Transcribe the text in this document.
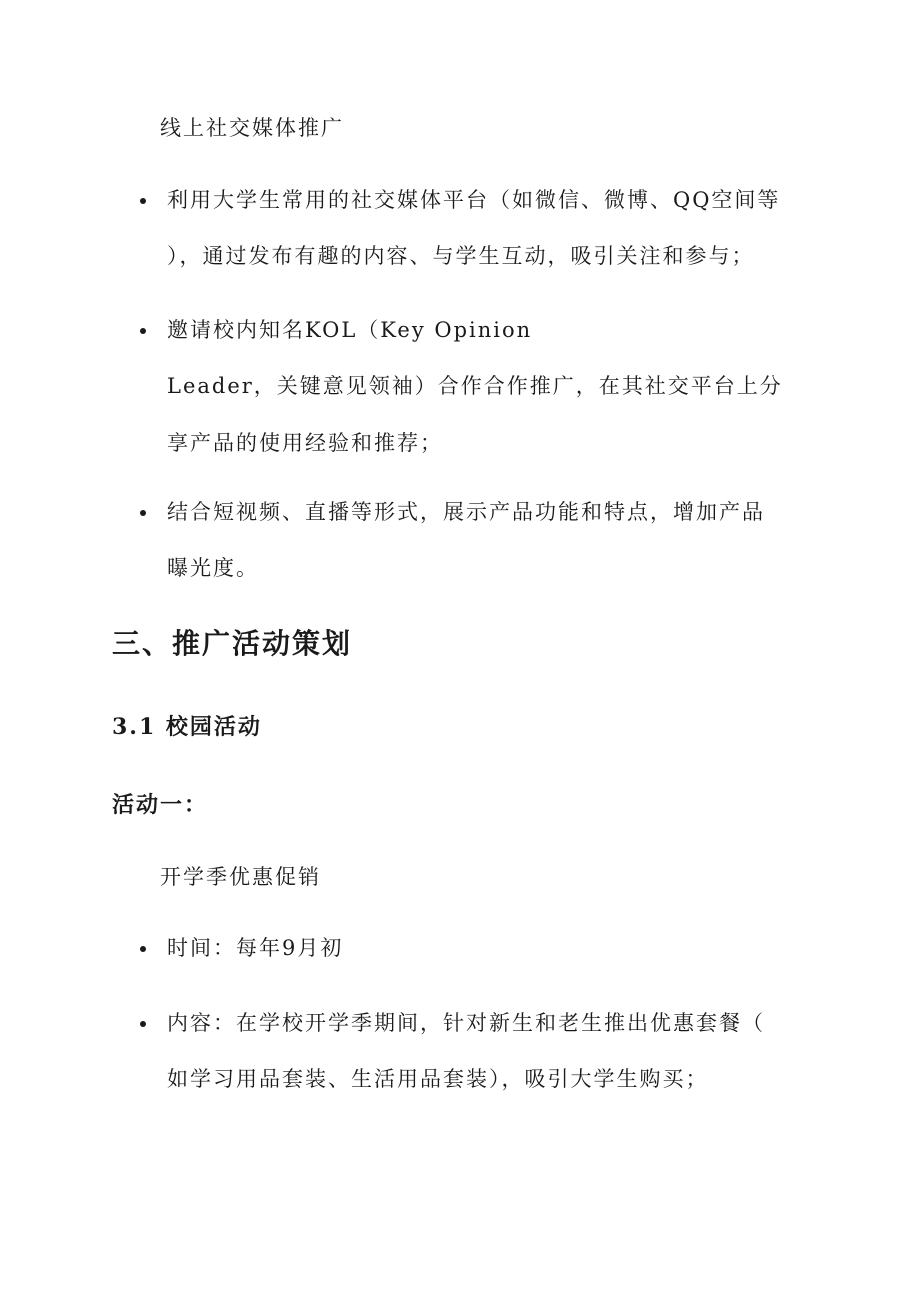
线上社交媒体推广
利用大学生常用的社交媒体平台（如微信、微博、QQ空间等
），通过发布有趣的内容、与学生互动，吸引关注和参与；
邀请校内知名KOL（Key Opinion
Leader，关键意见领袖）合作合作推广，在其社交平台上分
享产品的使用经验和推荐；
结合短视频、直播等形式，展示产品功能和特点，增加产品
曝光度。
三、推广活动策划
3.1 校园活动
活动一：
开学季优惠促销
时间：每年9月初
内容：在学校开学季期间，针对新生和老生推出优惠套餐（
如学习用品套装、生活用品套装），吸引大学生购买；
